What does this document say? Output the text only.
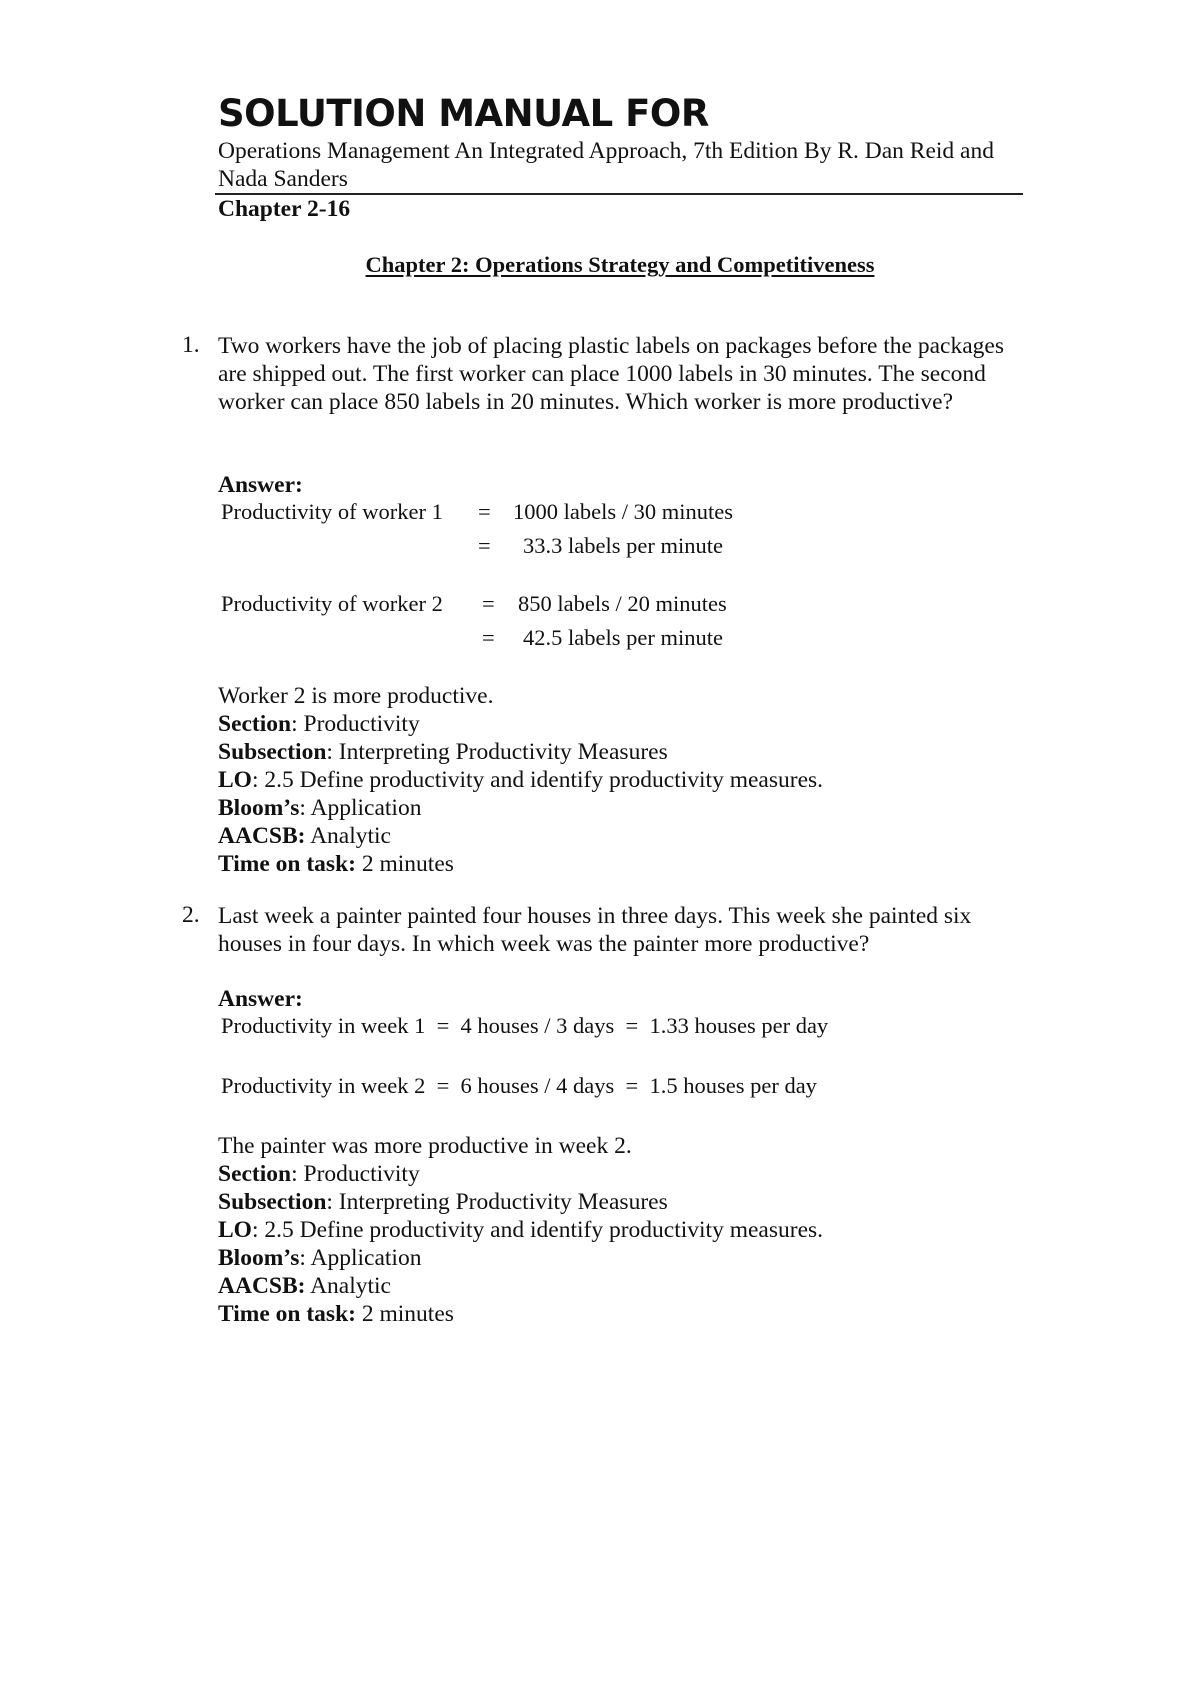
SOLUTION MANUAL FOR
Operations Management An Integrated Approach, 7th Edition By R. Dan Reid and Nada Sanders
Chapter 2-16
Chapter 2: Operations Strategy and Competitiveness
1. Two workers have the job of placing plastic labels on packages before the packages are shipped out. The first worker can place 1000 labels in 30 minutes. The second worker can place 850 labels in 20 minutes. Which worker is more productive?
Answer:
Productivity of worker 1 = 1000 labels / 30 minutes
= 33.3 labels per minute
Productivity of worker 2 = 850 labels / 20 minutes
= 42.5 labels per minute
Worker 2 is more productive.
Section: Productivity
Subsection: Interpreting Productivity Measures
LO: 2.5 Define productivity and identify productivity measures.
Bloom’s: Application
AACSB: Analytic
Time on task: 2 minutes
2. Last week a painter painted four houses in three days. This week she painted six houses in four days. In which week was the painter more productive?
Answer:
Productivity in week 1  =  4 houses / 3 days  =  1.33 houses per day
Productivity in week 2  =  6 houses / 4 days  =  1.5 houses per day
The painter was more productive in week 2.
Section: Productivity
Subsection: Interpreting Productivity Measures
LO: 2.5 Define productivity and identify productivity measures.
Bloom’s: Application
AACSB: Analytic
Time on task: 2 minutes
